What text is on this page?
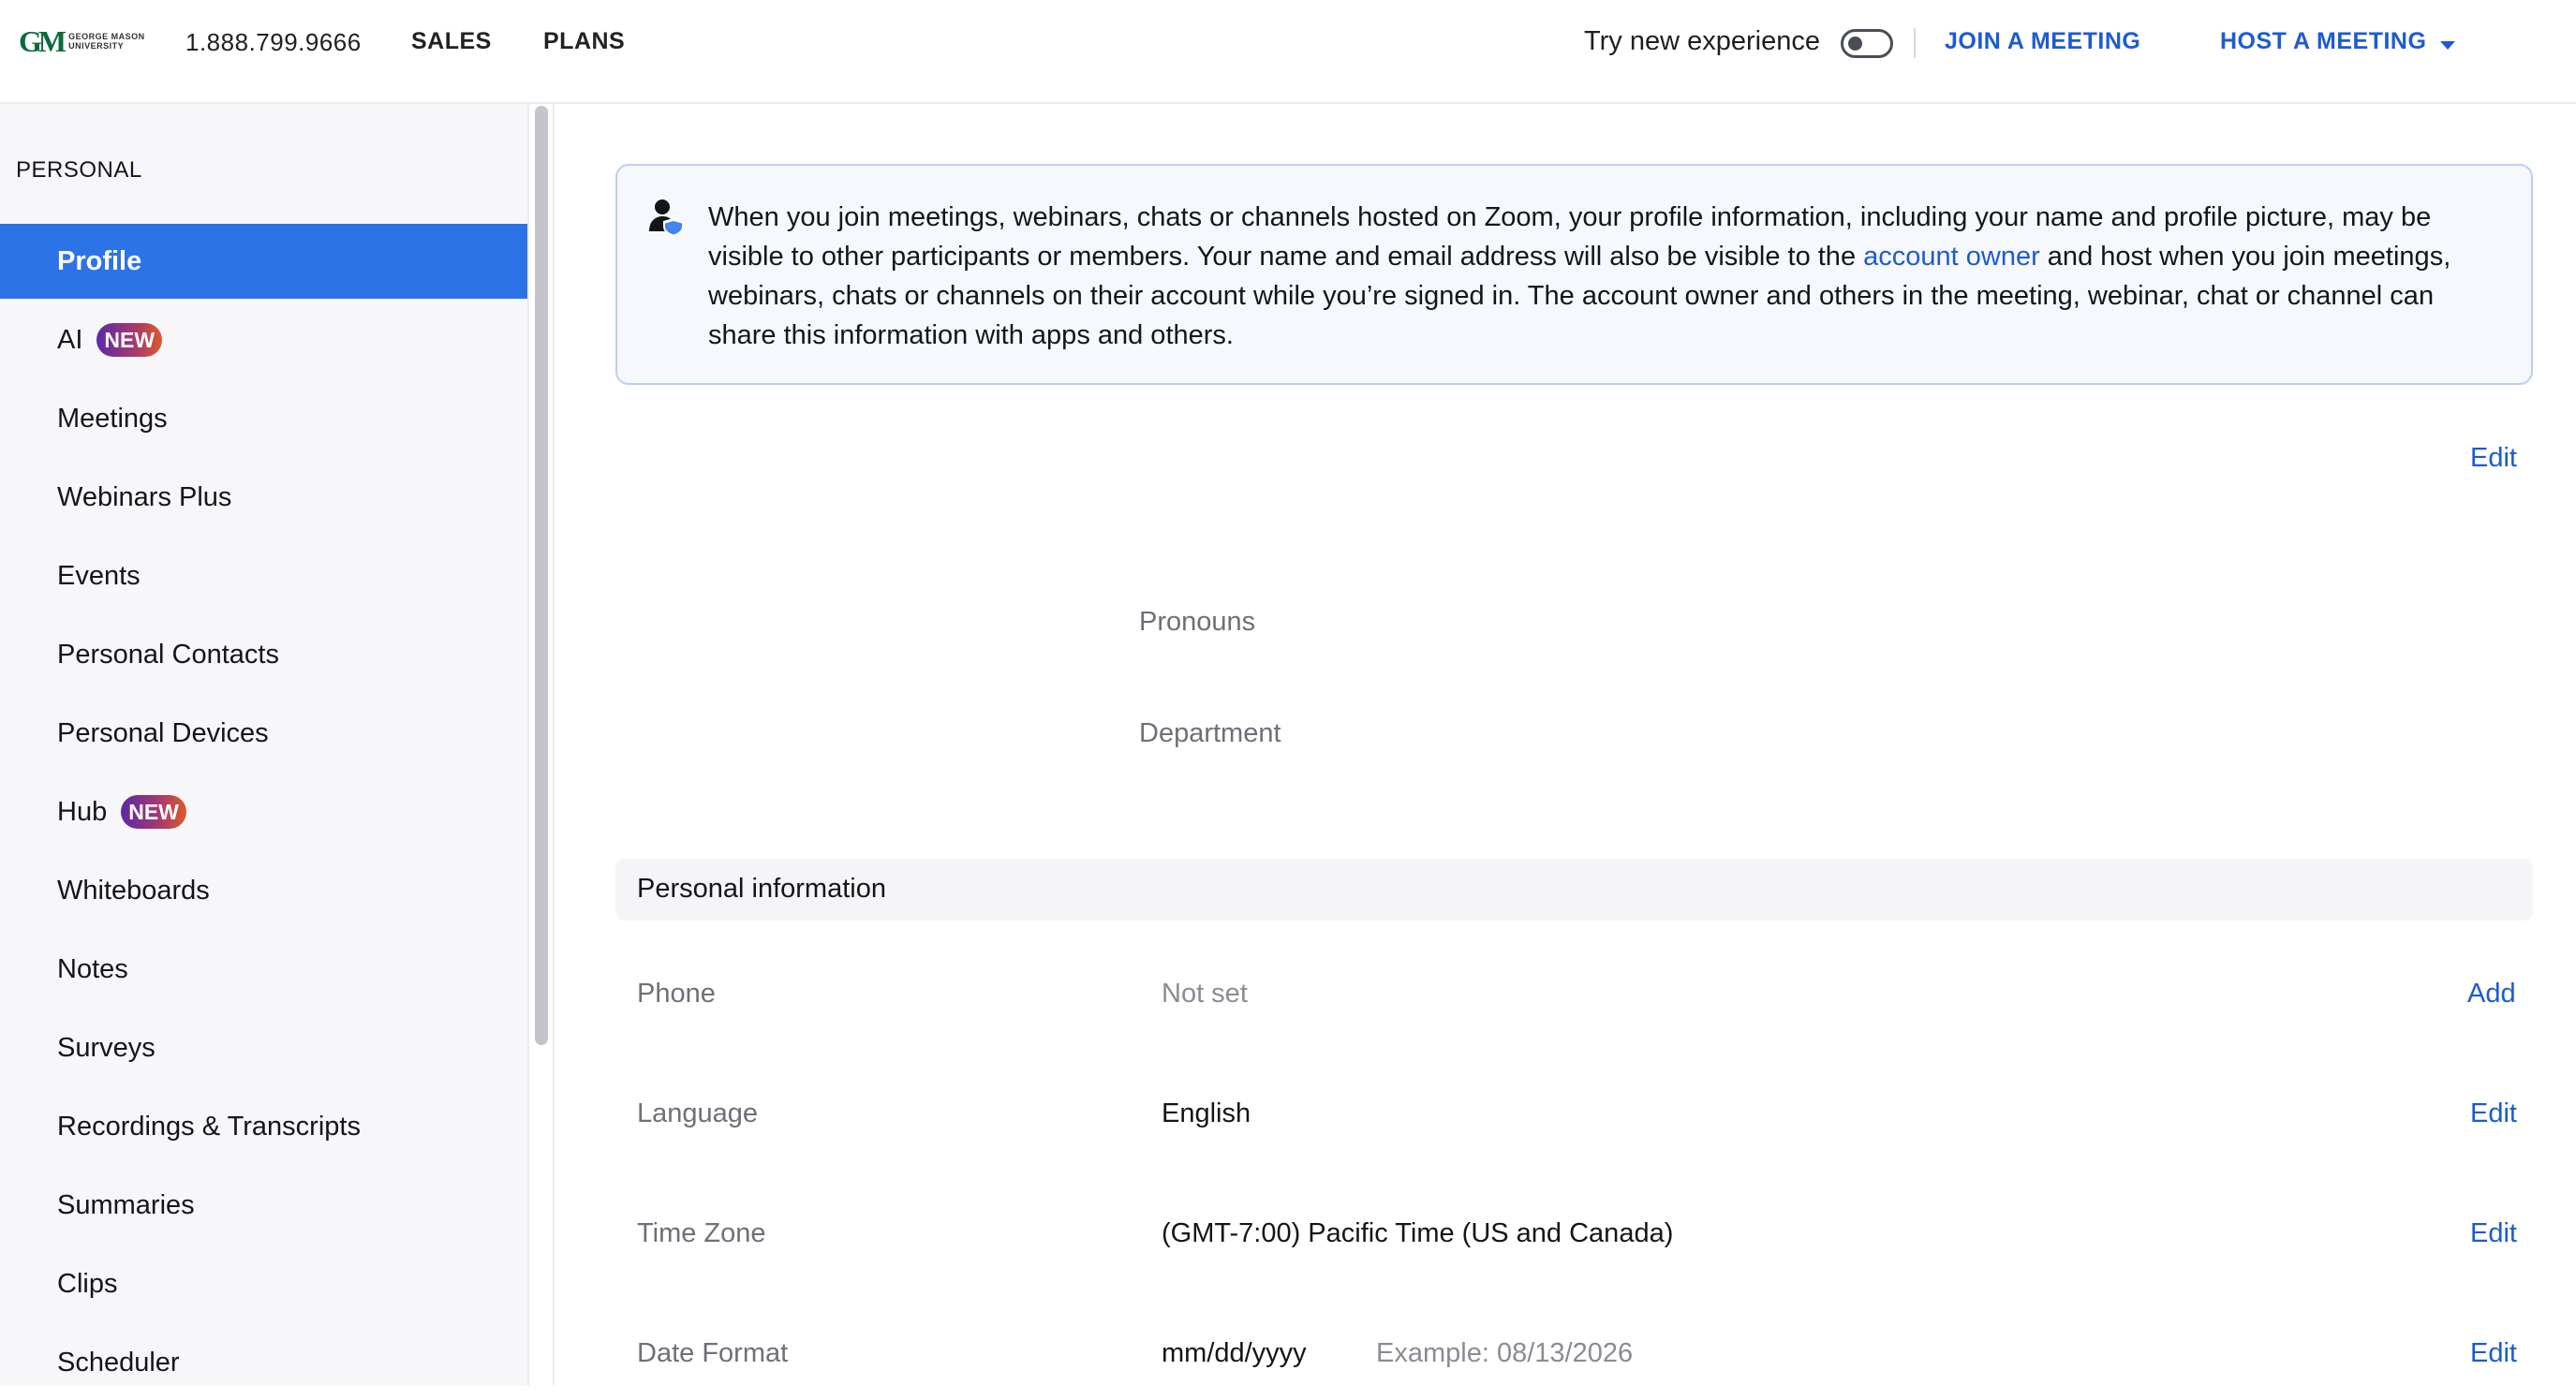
GM GEORGE MASON
UNIVERSITY	1.888.799.9666 SALES PLANS	Try new experience	JOIN A MEETING	HOST A MEETING
PERSONAL
Profile
AI	NEW
Meetings
Webinars Plus
Events
Personal Contacts
Personal Devices
Hub	NEW
Whiteboards
Notes
Surveys
Recordings & Transcripts
Summaries
Clips
Scheduler
When you join meetings, webinars, chats or channels hosted on Zoom, your profile information, including your name and profile picture, may be visible to other participants or members. Your name and email address will also be visible to the account owner and host when you join meetings, webinars, chats or channels on their account while you’re signed in. The account owner and others in the meeting, webinar, chat or channel can share this information with apps and others.
Edit
Pronouns
Department
Personal information
Phone	Not set	Add
Language	English	Edit
Time Zone	(GMT-7:00) Pacific Time (US and Canada)	Edit
Date Format	mm/dd/yyyy	Example: 08/13/2026	Edit
